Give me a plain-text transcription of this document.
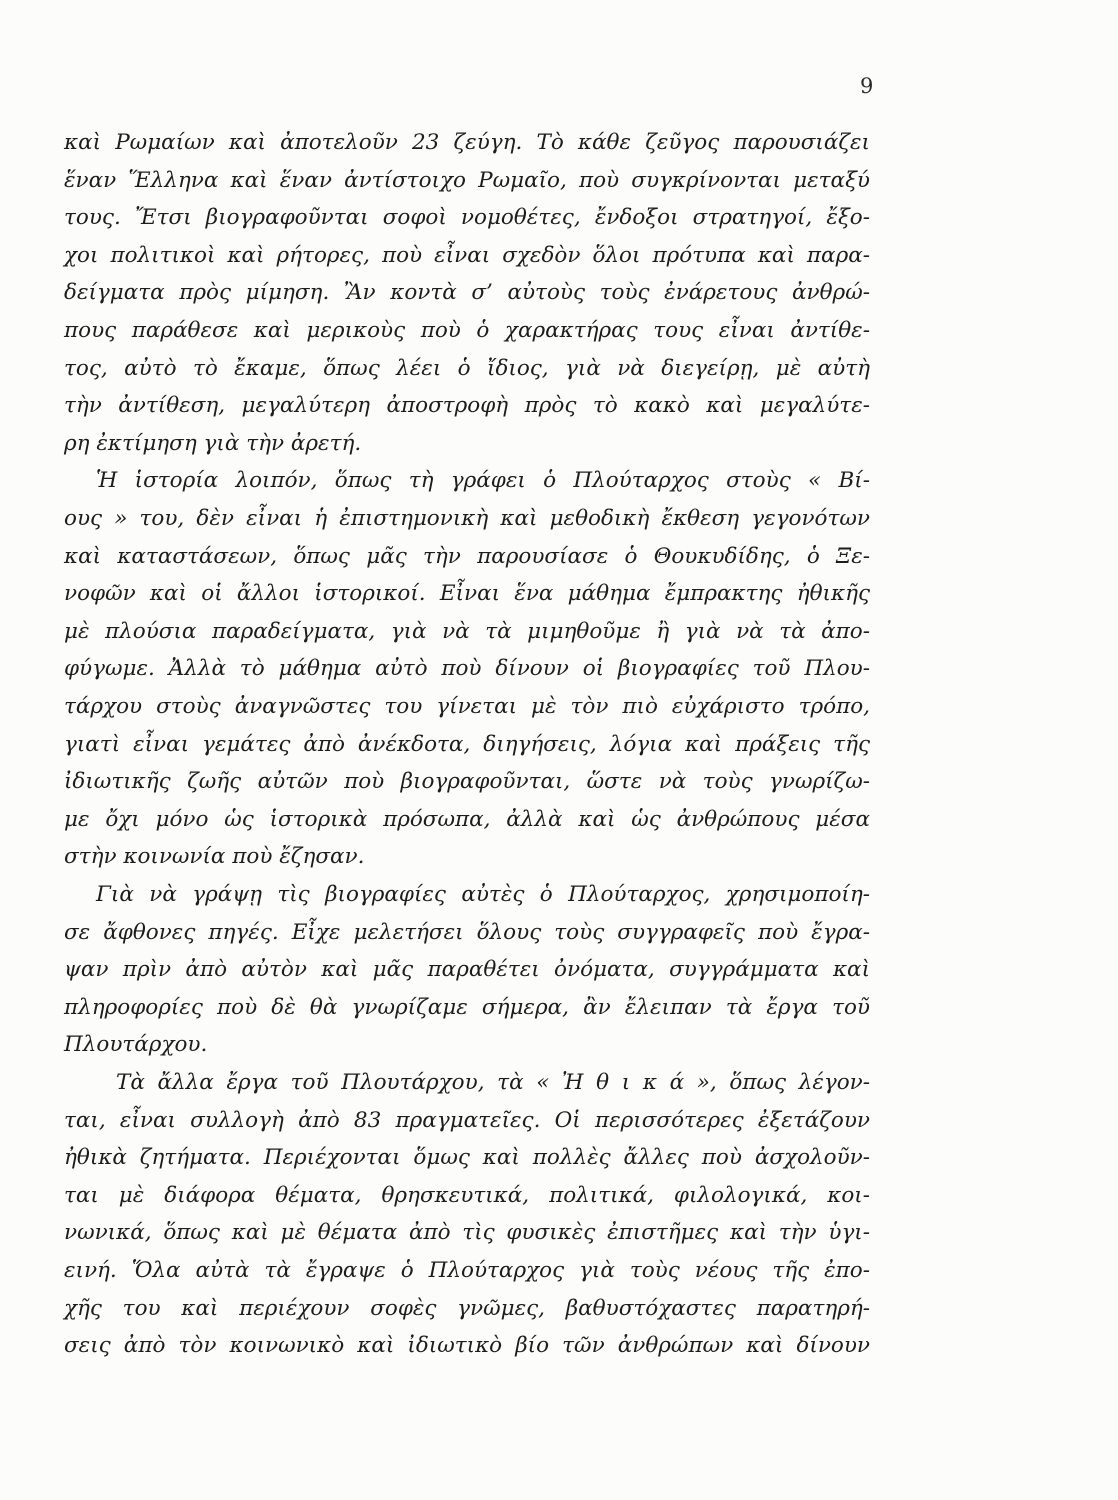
9
καὶ Ρωμαίων καὶ ἀποτελοῦν 23 ζεύγη. Τὸ κάθε ζεῦγος παρουσιάζει
ἕναν Ἕλληνα καὶ ἕναν ἀντίστοιχο Ρωμαῖο, ποὺ συγκρίνονται μεταξύ
τους. Ἔτσι βιογραφοῦνται σοφοὶ νομοθέτες, ἔνδοξοι στρατηγοί, ἔξο-
χοι πολιτικοὶ καὶ ρήτορες, ποὺ εἶναι σχεδὸν ὅλοι πρότυπα καὶ παρα-
δείγματα πρὸς μίμηση. Ἂν κοντὰ σ’ αὐτοὺς τοὺς ἐνάρετους ἀνθρώ-
πους παράθεσε καὶ μερικοὺς ποὺ ὁ χαρακτήρας τους εἶναι ἀντίθε-
τος, αὐτὸ τὸ ἔκαμε, ὅπως λέει ὁ ἴδιος, γιὰ νὰ διεγείρῃ, μὲ αὐτὴ
τὴν ἀντίθεση, μεγαλύτερη ἀποστροφὴ πρὸς τὸ κακὸ καὶ μεγαλύτε-
ρη ἐκτίμηση γιὰ τὴν ἀρετή.
Ἡ ἱστορία λοιπόν, ὅπως τὴ γράφει ὁ Πλούταρχος στοὺς « Βί-
ους » του, δὲν εἶναι ἡ ἐπιστημονικὴ καὶ μεθοδικὴ ἔκθεση γεγονότων
καὶ καταστάσεων, ὅπως μᾶς τὴν παρουσίασε ὁ Θουκυδίδης, ὁ Ξε-
νοφῶν καὶ οἱ ἄλλοι ἱστορικοί. Εἶναι ἕνα μάθημα ἔμπρακτης ἠθικῆς
μὲ πλούσια παραδείγματα, γιὰ νὰ τὰ μιμηθοῦμε ἢ γιὰ νὰ τὰ ἀπο-
φύγωμε. Ἀλλὰ τὸ μάθημα αὐτὸ ποὺ δίνουν οἱ βιογραφίες τοῦ Πλου-
τάρχου στοὺς ἀναγνῶστες του γίνεται μὲ τὸν πιὸ εὐχάριστο τρόπο,
γιατὶ εἶναι γεμάτες ἀπὸ ἀνέκδοτα, διηγήσεις, λόγια καὶ πράξεις τῆς
ἰδιωτικῆς ζωῆς αὐτῶν ποὺ βιογραφοῦνται, ὥστε νὰ τοὺς γνωρίζω-
με ὄχι μόνο ὡς ἱστορικὰ πρόσωπα, ἀλλὰ καὶ ὡς ἀνθρώπους μέσα
στὴν κοινωνία ποὺ ἔζησαν.
Γιὰ νὰ γράψῃ τὶς βιογραφίες αὐτὲς ὁ Πλούταρχος, χρησιμοποίη-
σε ἄφθονες πηγές. Εἶχε μελετήσει ὅλους τοὺς συγγραφεῖς ποὺ ἔγρα-
ψαν πρὶν ἀπὸ αὐτὸν καὶ μᾶς παραθέτει ὀνόματα, συγγράμματα καὶ
πληροφορίες ποὺ δὲ θὰ γνωρίζαμε σήμερα, ἂν ἔλειπαν τὰ ἔργα τοῦ
Πλουτάρχου.
Τὰ ἄλλα ἔργα τοῦ Πλουτάρχου, τὰ « Ἠ θ ι κ ά », ὅπως λέγον-
ται, εἶναι συλλογὴ ἀπὸ 83 πραγματεῖες. Οἱ περισσότερες ἐξετάζουν
ἠθικὰ ζητήματα. Περιέχονται ὅμως καὶ πολλὲς ἄλλες ποὺ ἀσχολοῦν-
ται μὲ διάφορα θέματα, θρησκευτικά, πολιτικά, φιλολογικά, κοι-
νωνικά, ὅπως καὶ μὲ θέματα ἀπὸ τὶς φυσικὲς ἐπιστῆμες καὶ τὴν ὑγι-
εινή. Ὅλα αὐτὰ τὰ ἔγραψε ὁ Πλούταρχος γιὰ τοὺς νέους τῆς ἐπο-
χῆς του καὶ περιέχουν σοφὲς γνῶμες, βαθυστόχαστες παρατηρή-
σεις ἀπὸ τὸν κοινωνικὸ καὶ ἰδιωτικὸ βίο τῶν ἀνθρώπων καὶ δίνουν
